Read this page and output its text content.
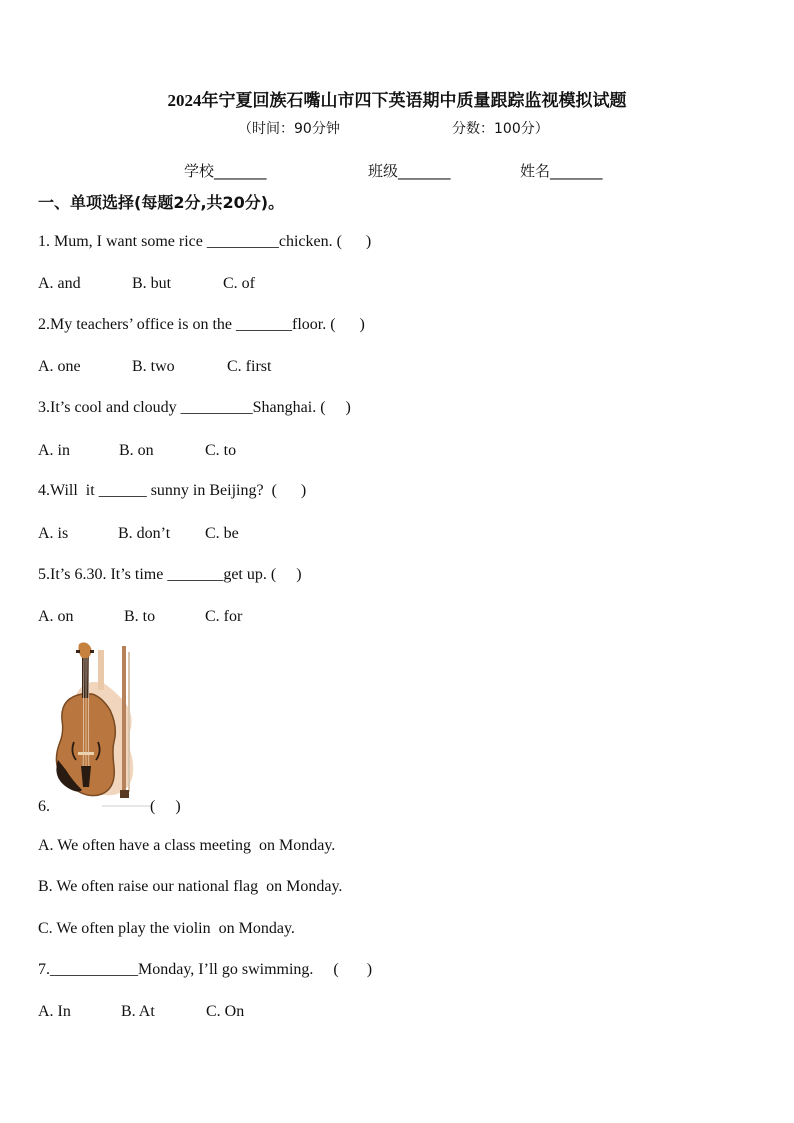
2024年宁夏回族石嘴山市四下英语期中质量跟踪监视模拟试题
（时间：90分钟	分数：100分）
学校_______	班级_______	姓名_______
一、单项选择(每题2分,共20分)。
1. Mum, I want some rice _________chicken. (      )
A. and	B. but	C. of
2.My teachers’ office is on the _______floor. (      )
A. one	B. two	C. first
3.It’s cool and cloudy _________Shanghai. (     )
A. in	B. on	C. to
4.Will  it ______ sunny in Beijing?  (      )
A. is	B. don’t C. be
5.It’s 6.30. It’s time _______get up. (     )
A. on	B. to	C. for
6.	(     )
A. We often have a class meeting  on Monday.
B. We often raise our national flag  on Monday.
C. We often play the violin  on Monday.
7.___________Monday, I’ll go swimming.     (       )
A. In	B. At	C. On
